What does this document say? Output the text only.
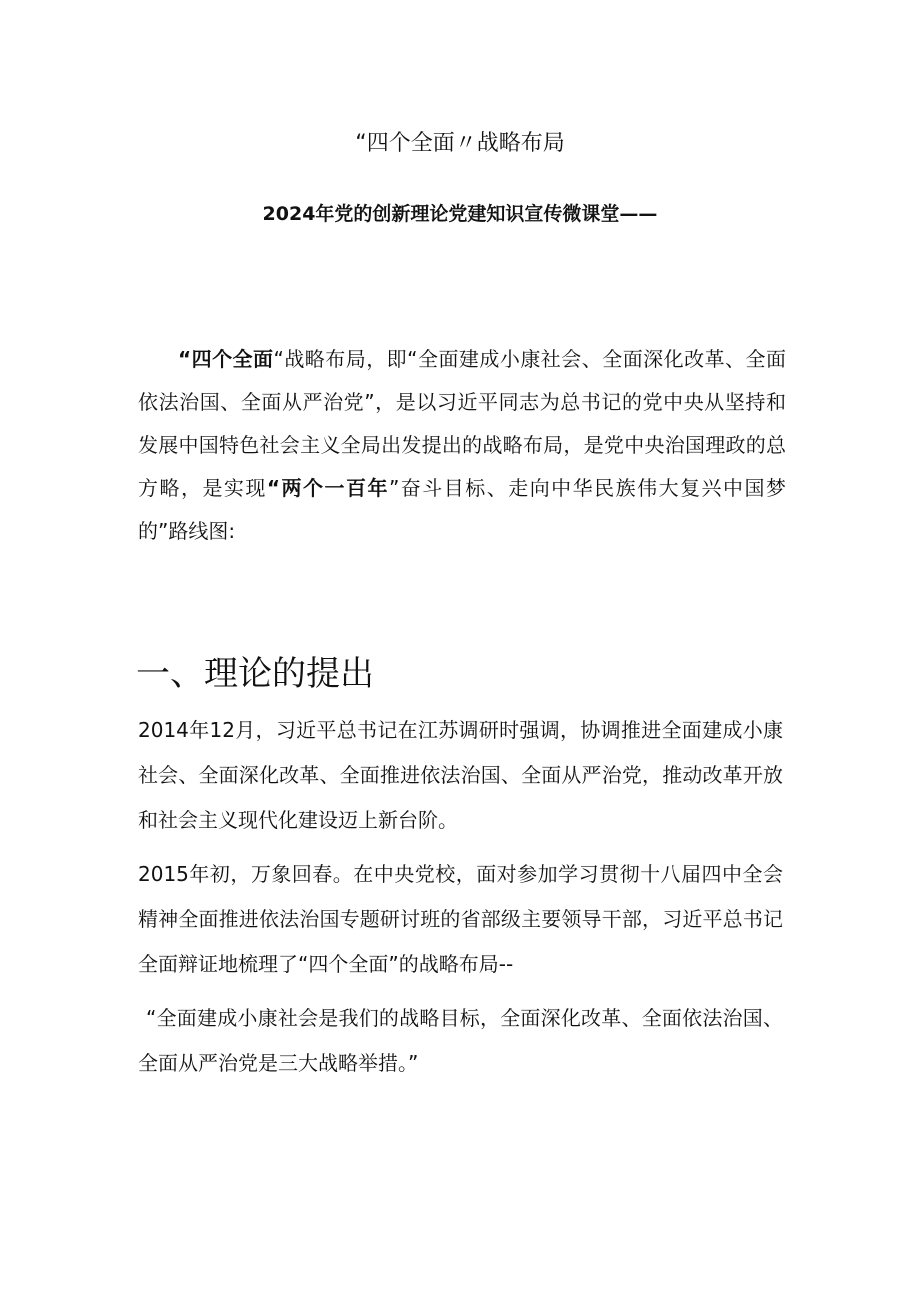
“四个全面〃战略布局
2024年党的创新理论党建知识宣传微课堂——

“四个全面“战略布局，即“全面建成小康社会、全面深化改革、全面依法治国、全面从严治党”，是以习近平同志为总书记的党中央从坚持和发展中国特色社会主义全局出发提出的战略布局，是党中央治国理政的总方略，是实现“两个一百年”奋斗目标、走向中华民族伟大复兴中国梦的”路线图:

一、理论的提出

2014年12月，习近平总书记在江苏调研时强调，协调推进全面建成小康社会、全面深化改革、全面推进依法治国、全面从严治党，推动改革开放和社会主义现代化建设迈上新台阶。

2015年初，万象回春。在中央党校，面对参加学习贯彻十八届四中全会精神全面推进依法治国专题研讨班的省部级主要领导干部，习近平总书记全面辩证地梳理了“四个全面”的战略布局--

“全面建成小康社会是我们的战略目标，全面深化改革、全面依法治国、全面从严治党是三大战略举措。”
